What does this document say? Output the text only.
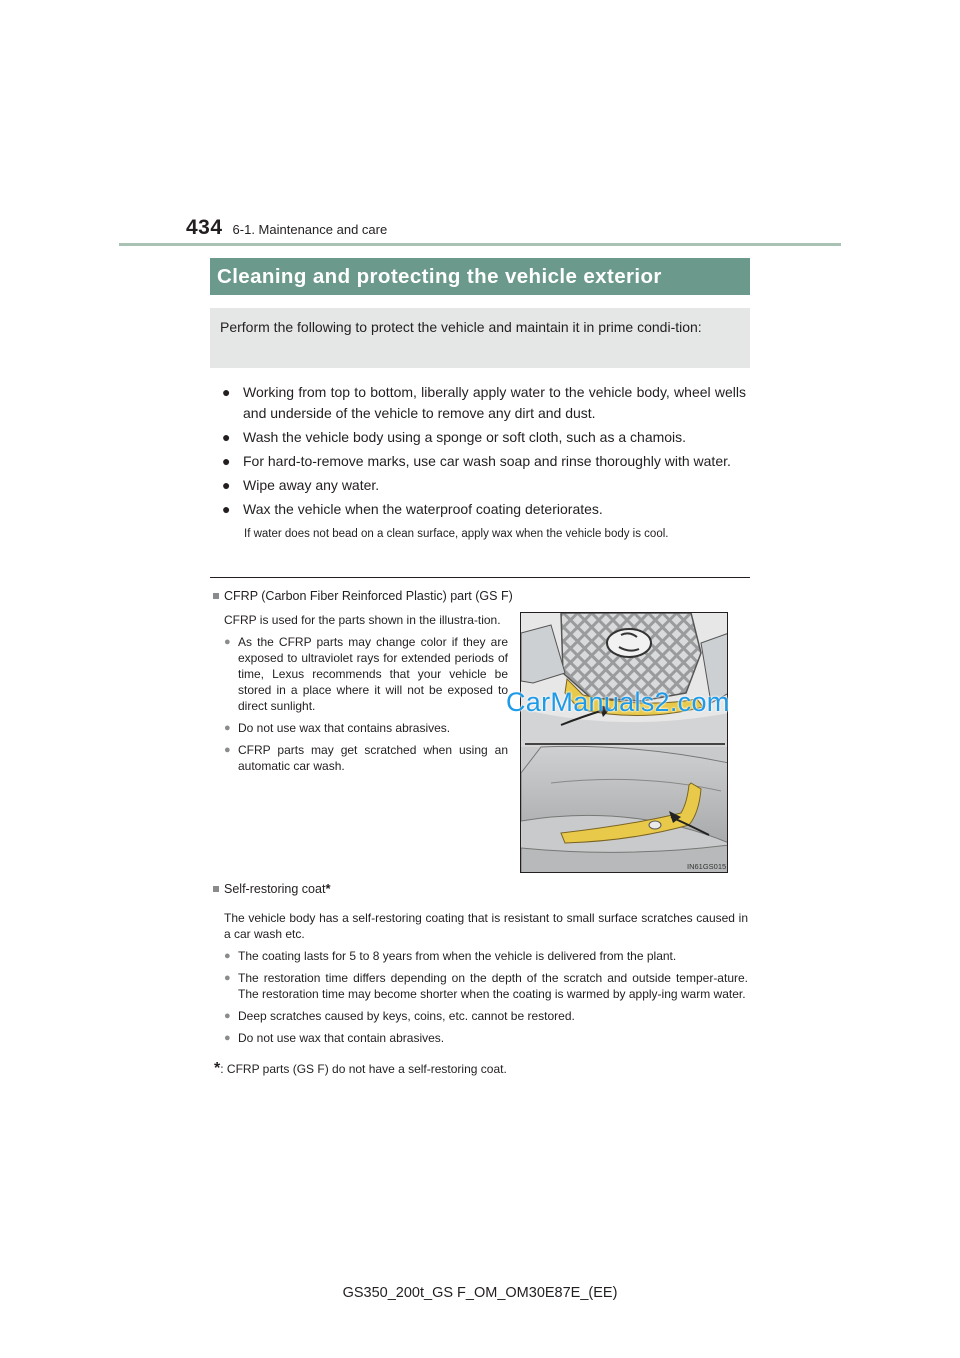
434 6-1. Maintenance and care
Cleaning and protecting the vehicle exterior
Perform the following to protect the vehicle and maintain it in prime condi-tion:
● Working from top to bottom, liberally apply water to the vehicle body, wheel wells and underside of the vehicle to remove any dirt and dust.
● Wash the vehicle body using a sponge or soft cloth, such as a chamois.
● For hard-to-remove marks, use car wash soap and rinse thoroughly with water.
● Wipe away any water.
● Wax the vehicle when the waterproof coating deteriorates.
If water does not bead on a clean surface, apply wax when the vehicle body is cool.
CFRP (Carbon Fiber Reinforced Plastic) part (GS F)

CFRP is used for the parts shown in the illustra-tion.

● As the CFRP parts may change color if they are exposed to ultraviolet rays for extended periods of time, Lexus recommends that your vehicle be stored in a place where it will not be exposed to direct sunlight.
● Do not use wax that contains abrasives.
● CFRP parts may get scratched when using an automatic car wash.
IN61GS015
CarManuals2.com
Self-restoring coat *

The vehicle body has a self-restoring coating that is resistant to small surface scratches caused in a car wash etc.

● The coating lasts for 5 to 8 years from when the vehicle is delivered from the plant.
● The restoration time differs depending on the depth of the scratch and outside temper-ature. The restoration time may become shorter when the coating is warmed by apply-ing warm water.
● Deep scratches caused by keys, coins, etc. cannot be restored.
● Do not use wax that contain abrasives.
* : CFRP parts (GS F) do not have a self-restoring coat.
GS350_200t_GS F_OM_OM30E87E_(EE)
